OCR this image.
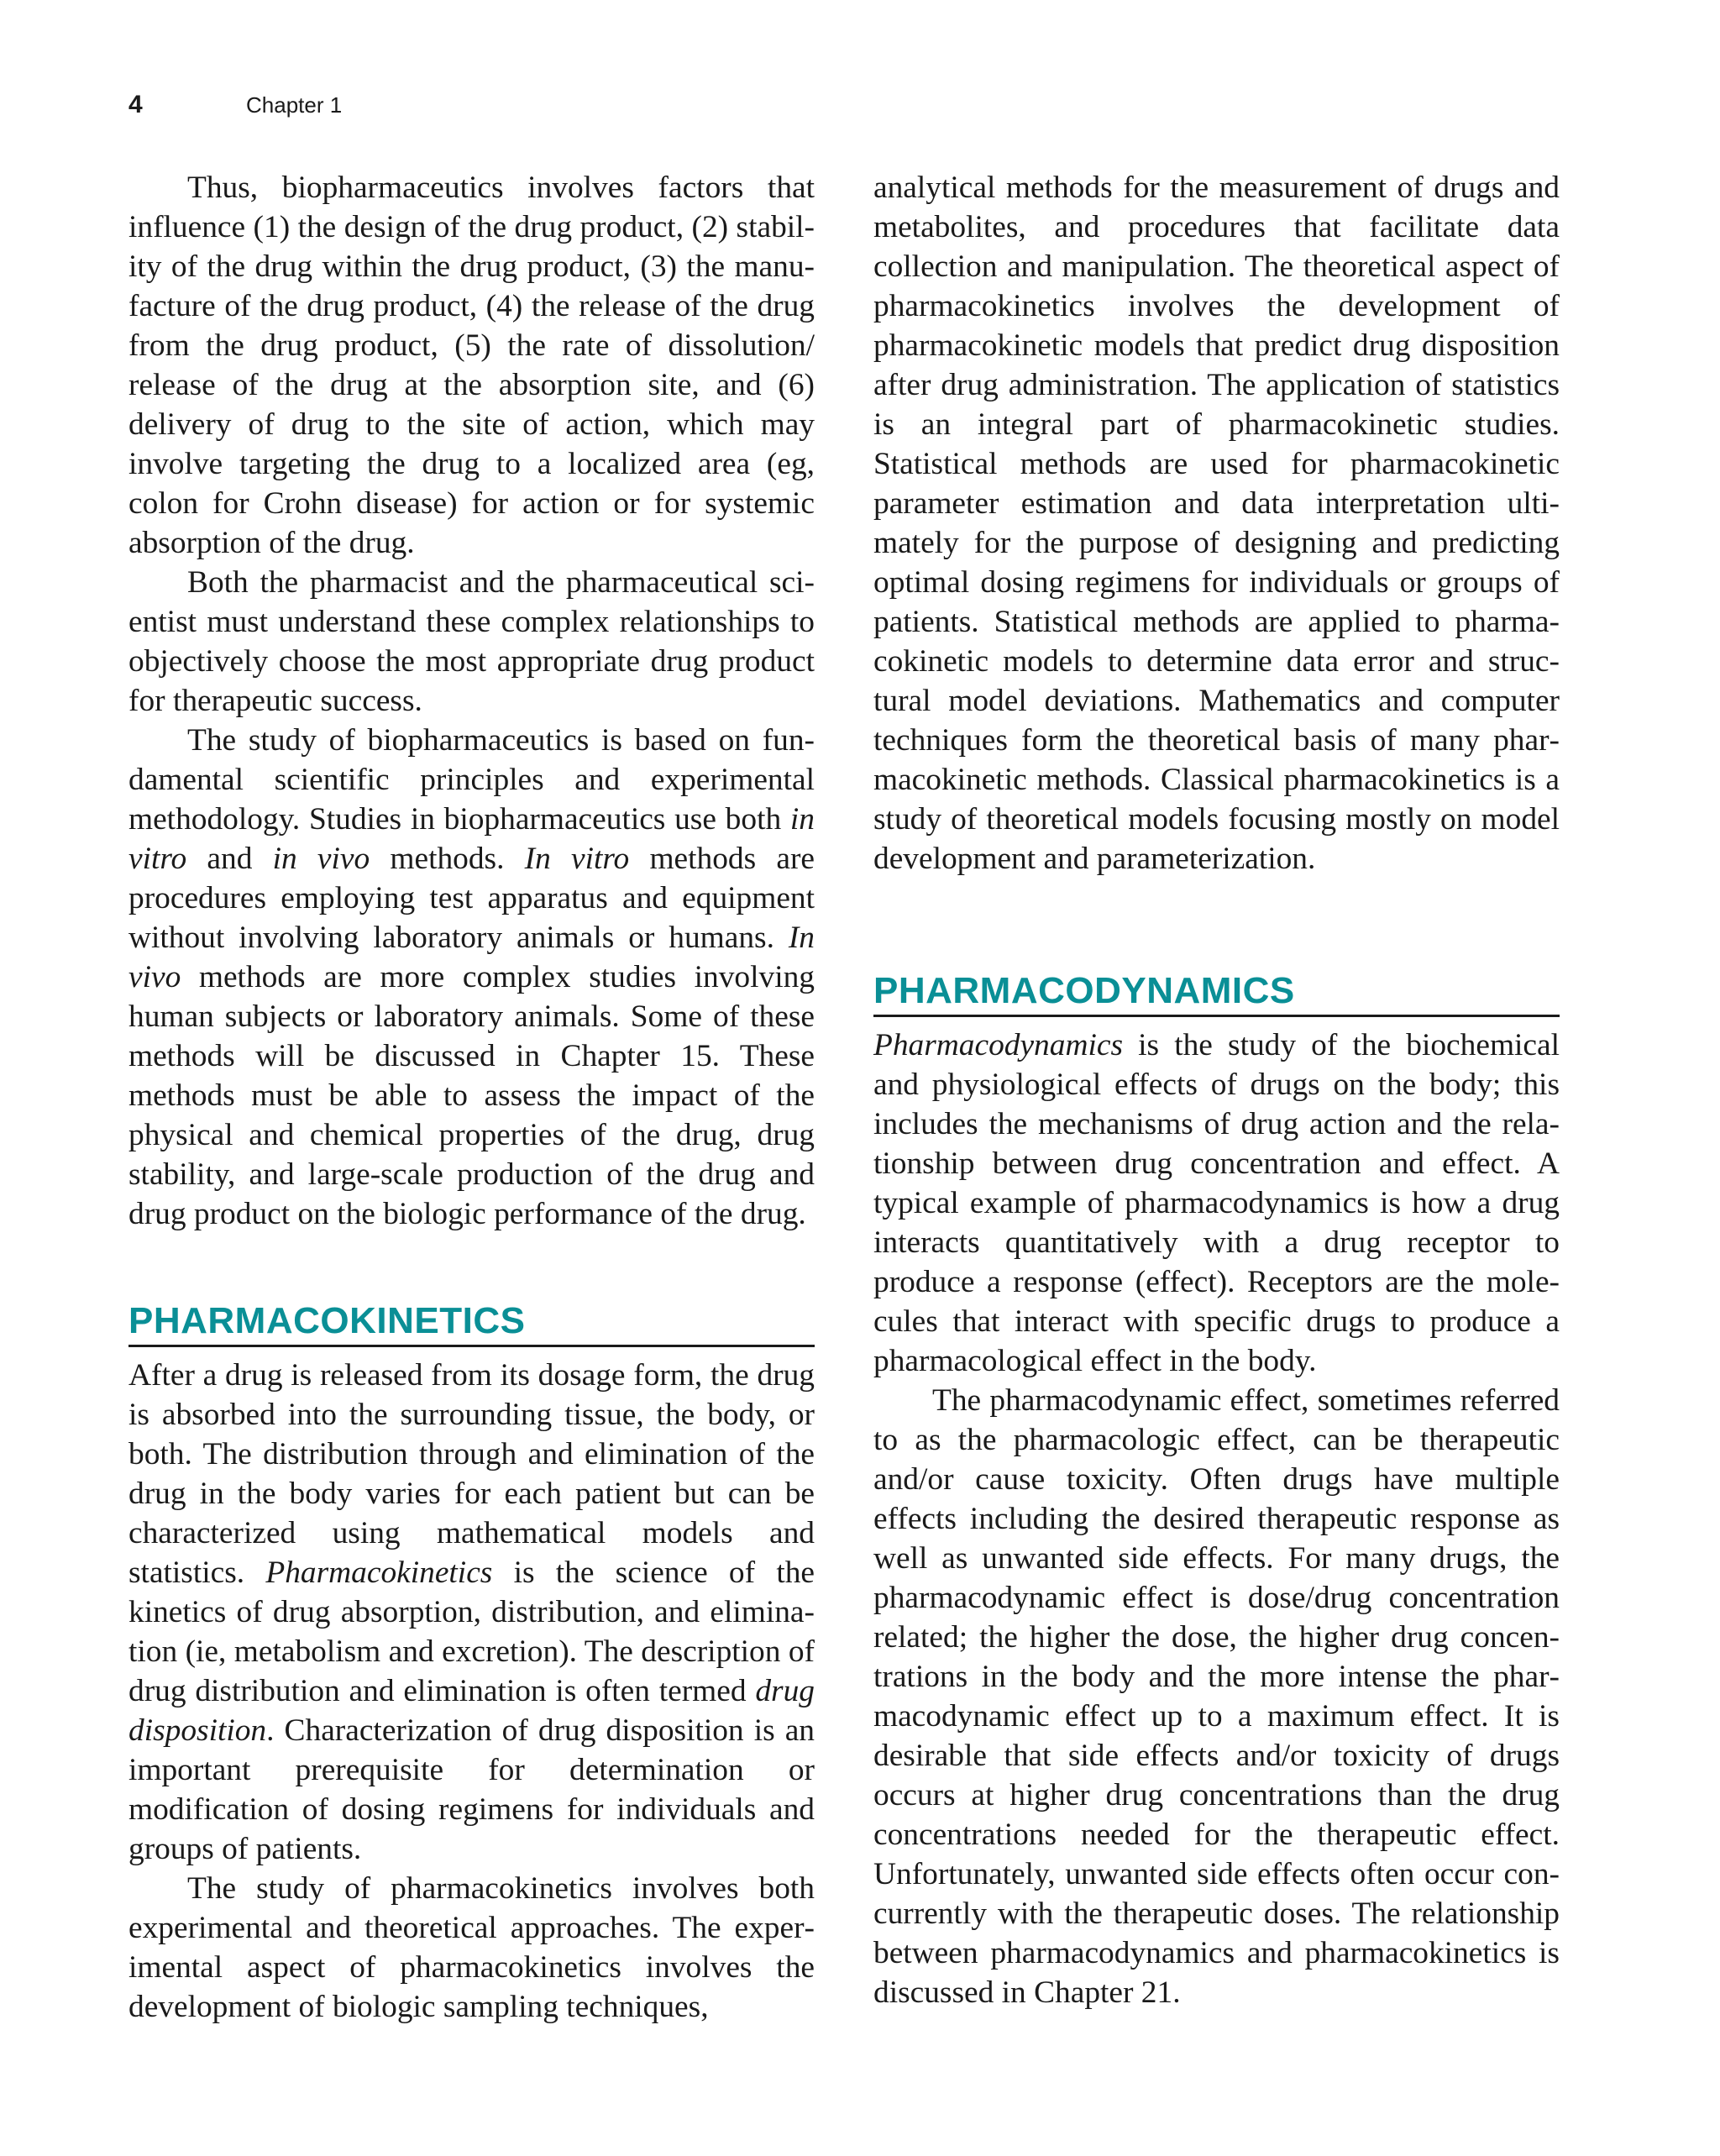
4	Chapter 1

Thus, biopharmaceutics involves factors that influence (1) the design of the drug product, (2) stability of the drug within the drug product, (3) the manufacture of the drug product, (4) the release of the drug from the drug product, (5) the rate of dissolution/​release of the drug at the absorption site, and (6) delivery of drug to the site of action, which may involve targeting the drug to a localized area (eg, colon for Crohn disease) for action or for systemic absorption of the drug.

Both the pharmacist and the pharmaceutical scientist must understand these complex relationships to objectively choose the most appropriate drug product for therapeutic success.

The study of biopharmaceutics is based on fundamental scientific principles and experimental methodology. Studies in biopharmaceutics use both in vitro and in vivo methods. In vitro methods are procedures employing test apparatus and equipment without involving laboratory animals or humans. In vivo methods are more complex studies involving human subjects or laboratory animals. Some of these methods will be discussed in Chapter 15. These methods must be able to assess the impact of the physical and chemical properties of the drug, drug stability, and large-scale production of the drug and drug product on the biologic performance of the drug.

PHARMACOKINETICS

After a drug is released from its dosage form, the drug is absorbed into the surrounding tissue, the body, or both. The distribution through and elimination of the drug in the body varies for each patient but can be characterized using mathematical models and statistics. Pharmacokinetics is the science of the kinetics of drug absorption, distribution, and elimination (ie, metabolism and excretion). The description of drug distribution and elimination is often termed drug disposition. Characterization of drug disposition is an important prerequisite for determination or modification of dosing regimens for individuals and groups of patients.

The study of pharmacokinetics involves both experimental and theoretical approaches. The experimental aspect of pharmacokinetics involves the development of biologic sampling techniques,

analytical methods for the measurement of drugs and metabolites, and procedures that facilitate data collection and manipulation. The theoretical aspect of pharmacokinetics involves the development of pharmacokinetic models that predict drug disposition after drug administration. The application of statistics is an integral part of pharmacokinetic studies. Statistical methods are used for pharmacokinetic parameter estimation and data interpretation ultimately for the purpose of designing and predicting optimal dosing regimens for individuals or groups of patients. Statistical methods are applied to pharmacokinetic models to determine data error and structural model deviations. Mathematics and computer techniques form the theoretical basis of many pharmacokinetic methods. Classical pharmacokinetics is a study of theoretical models focusing mostly on model development and parameterization.

PHARMACODYNAMICS

Pharmacodynamics is the study of the biochemical and physiological effects of drugs on the body; this includes the mechanisms of drug action and the relationship between drug concentration and effect. A typical example of pharmacodynamics is how a drug interacts quantitatively with a drug receptor to produce a response (effect). Receptors are the molecules that interact with specific drugs to produce a pharmacological effect in the body.

The pharmacodynamic effect, sometimes referred to as the pharmacologic effect, can be therapeutic and/or cause toxicity. Often drugs have multiple effects including the desired therapeutic response as well as unwanted side effects. For many drugs, the pharmacodynamic effect is dose/drug concentration related; the higher the dose, the higher drug concentrations in the body and the more intense the pharmacodynamic effect up to a maximum effect. It is desirable that side effects and/or toxicity of drugs occurs at higher drug concentrations than the drug concentrations needed for the therapeutic effect. Unfortunately, unwanted side effects often occur concurrently with the therapeutic doses. The relationship between pharmacodynamics and pharmacokinetics is discussed in Chapter 21.
